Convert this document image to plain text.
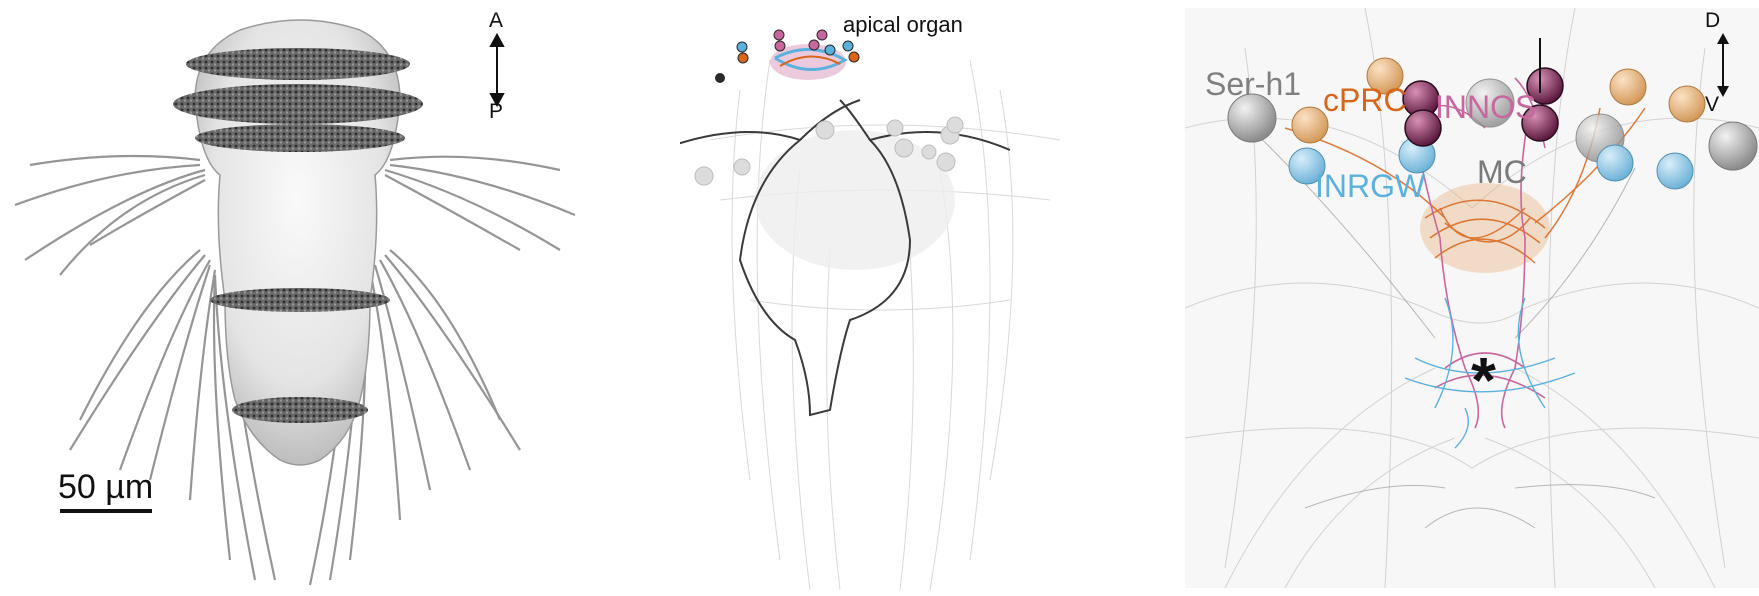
A
P
50 µm
apical organ	D
V
Ser-h1 cPRC INNOS
INRGW MC
*
